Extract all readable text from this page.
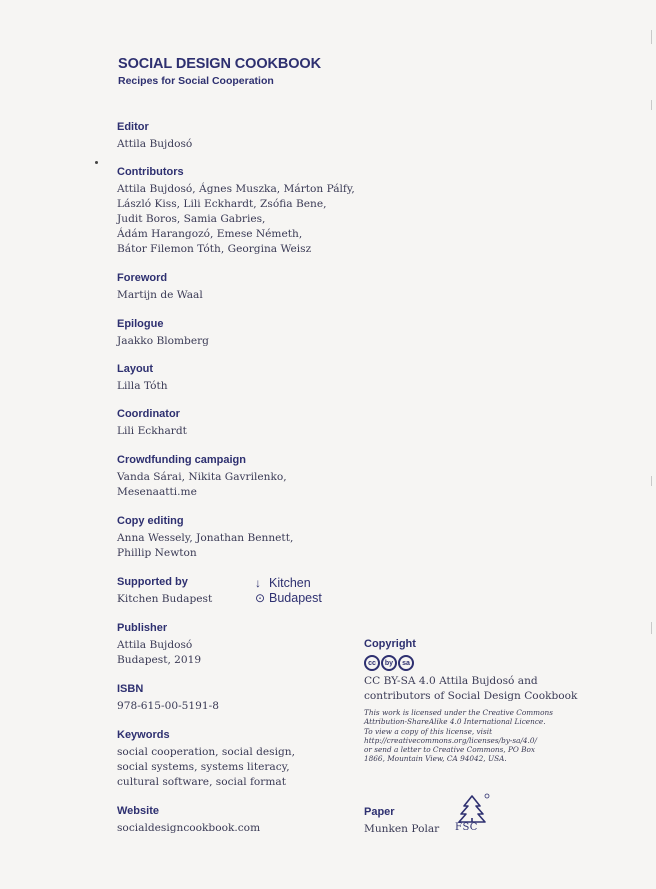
SOCIAL DESIGN COOKBOOK
Recipes for Social Cooperation
Editor
Attila Bujdosó
Contributors
Attila Bujdosó, Ágnes Muszka, Márton Pálfy,
László Kiss, Lili Eckhardt, Zsófia Bene,
Judit Boros, Samia Gabries,
Ádám Harangozó, Emese Németh,
Bátor Filemon Tóth, Georgina Weisz
Foreword
Martijn de Waal
Epilogue
Jaakko Blomberg
Layout
Lilla Tóth
Coordinator
Lili Eckhardt
Crowdfunding campaign
Vanda Sárai, Nikita Gavrilenko,
Mesenaatti.me
Copy editing
Anna Wessely, Jonathan Bennett,
Phillip Newton
Supported by
Kitchen Budapest
↓ Kitchen
⊙ Budapest
Publisher
Attila Bujdosó
Budapest, 2019
ISBN
978-615-00-5191-8
Keywords
social cooperation, social design,
social systems, systems literacy,
cultural software, social format
Website
socialdesigncookbook.com
Copyright
cc	by	sa
CC BY-SA 4.0 Attila Bujdosó and
contributors of Social Design Cookbook
This work is licensed under the Creative Commons
Attribution-ShareAlike 4.0 International Licence.
To view a copy of this license, visit
http://creativecommons.org/licenses/by-sa/4.0/
or send a letter to Creative Commons, PO Box
1866, Mountain View, CA 94042, USA.
Paper
Munken Polar	FSC
